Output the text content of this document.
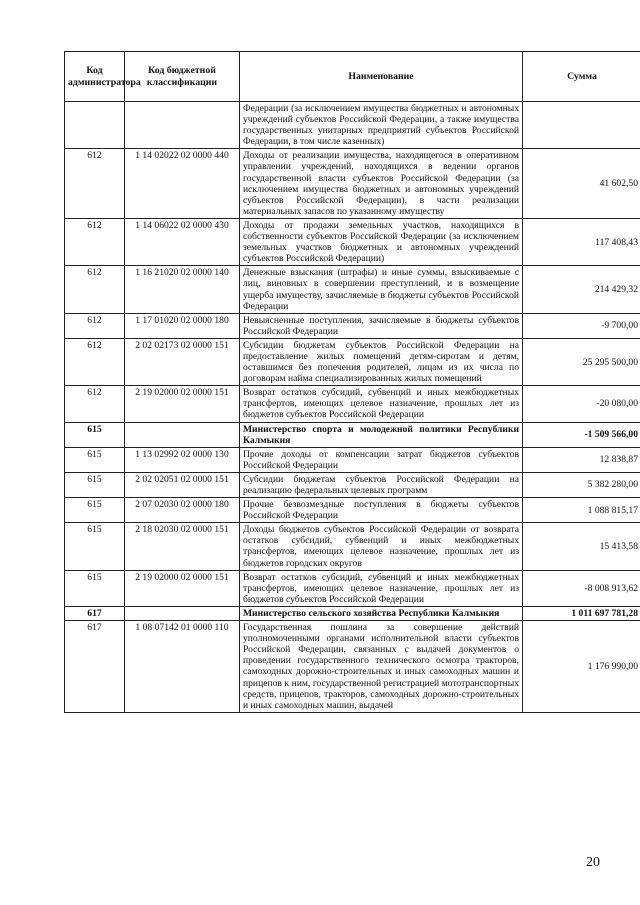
Код администратора	Код бюджетной классификации	Наименование	Сумма
		Федерации (за исключением имущества бюджетных и автономных учреждений субъектов Российской Федерации, а также имущества государственных унитарных предприятий субъектов Российской Федерации, в том числе казенных)	
612	1 14 02022 02 0000 440	Доходы от реализации имущества, находящегося в оперативном управлении учреждений, находящихся в ведении органов государственной власти субъектов Российской Федерации (за исключением имущества бюджетных и автономных учреждений субъектов Российской Федерации), в части реализации материальных запасов по указанному имуществу	41 602,50
612	1 14 06022 02 0000 430	Доходы от продажи земельных участков, находящихся в собственности субъектов Российской Федерации (за исключением земельных участков бюджетных и автономных учреждений субъектов Российской Федерации)	117 408,43
612	1 16 21020 02 0000 140	Денежные взыскания (штрафы) и иные суммы, взыскиваемые с лиц, виновных в совершении преступлений, и в возмещение ущерба имуществу, зачисляемые в бюджеты субъектов Российской Федерации	214 429,32
612	1 17 01020 02 0000 180	Невыясненные поступления, зачисляемые в бюджеты субъектов Российской Федерации	-9 700,00
612	2 02 02173 02 0000 151	Субсидии бюджетам субъектов Российской Федерации на предоставление жилых помещений детям-сиротам и детям, оставшимся без попечения родителей, лицам из их числа по договорам найма специализированных жилых помещений	25 295 500,00
612	2 19 02000 02 0000 151	Возврат остатков субсидий, субвенций и иных межбюджетных трансфертов, имеющих целевое назначение, прошлых лет из бюджетов субъектов Российской Федерации	-20 080,00
615		Министерство спорта и молодежной политики Республики Калмыкия	-1 509 566,00
615	1 13 02992 02 0000 130	Прочие доходы от компенсации затрат бюджетов субъектов Российской Федерации	12 838,87
615	2 02 02051 02 0000 151	Субсидии бюджетам субъектов Российской Федерации на реализацию федеральных целевых программ	5 382 280,00
615	2 07 02030 02 0000 180	Прочие безвозмездные поступления в бюджеты субъектов Российской Федерации	1 088 815,17
615	2 18 02030 02 0000 151	Доходы бюджетов субъектов Российской Федерации от возврата остатков субсидий, субвенций и иных межбюджетных трансфертов, имеющих целевое назначение, прошлых лет из бюджетов городских округов	15 413,58
615	2 19 02000 02 0000 151	Возврат остатков субсидий, субвенций и иных межбюджетных трансфертов, имеющих целевое назначение, прошлых лет из бюджетов субъектов Российской Федерации	-8 008 913,62
617		Министерство сельского хозяйства Республики Калмыкия	1 011 697 781,28
617	1 08 07142 01 0000 110	Государственная пошлина за совершение действий уполномоченными органами исполнительной власти субъектов Российской Федерации, связанных с выдачей документов о проведении государственного технического осмотра тракторов, самоходных дорожно-строительных и иных самоходных машин и прицепов к ним, государственной регистрацией мототранспортных средств, прицепов, тракторов, самоходных дорожно-строительных и иных самоходных машин, выдачей	1 176 990,00
20
